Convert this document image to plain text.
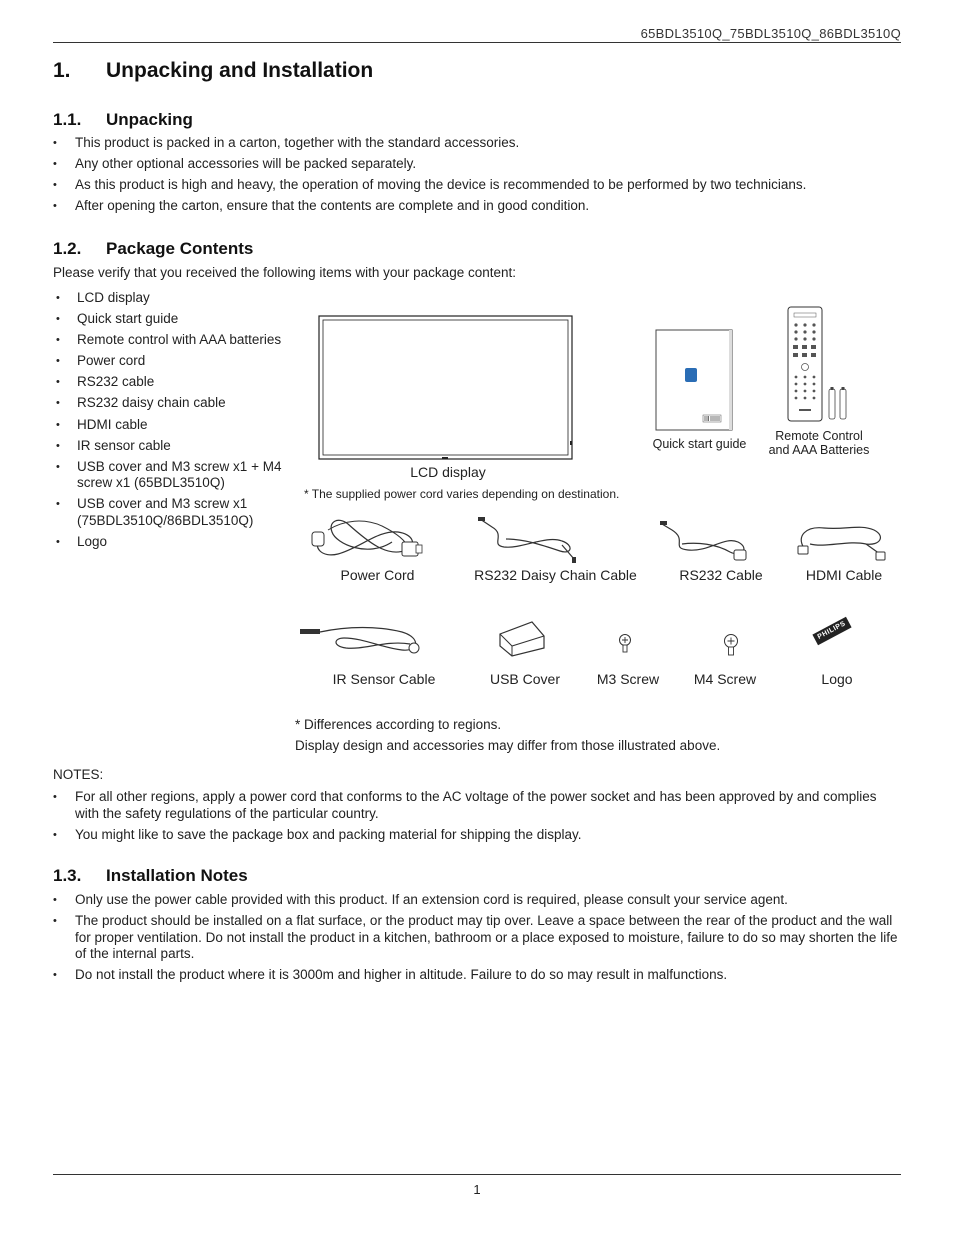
65BDL3510Q_75BDL3510Q_86BDL3510Q
1. Unpacking and Installation
1.1. Unpacking
• This product is packed in a carton, together with the standard accessories.
• Any other optional accessories will be packed separately.
• As this product is high and heavy, the operation of moving the device is recommended to be performed by two technicians.
• After opening the carton, ensure that the contents are complete and in good condition.
1.2. Package Contents
Please verify that you received the following items with your package content:
• LCD display
• Quick start guide
• Remote control with AAA batteries
• Power cord
• RS232 cable
• RS232 daisy chain cable
• HDMI cable
• IR sensor cable
• USB cover and M3 screw x1 + M4 screw x1 (65BDL3510Q)
• USB cover and M3 screw x1 (75BDL3510Q/86BDL3510Q)
• Logo
LCD display
Quick start guide
Remote Control
and AAA Batteries
* The supplied power cord varies depending on destination.
Power Cord	RS232 Daisy Chain Cable	RS232 Cable	HDMI Cable
IR Sensor Cable	USB Cover	M3 Screw	M4 Screw
PHILIPS
Logo
* Differences according to regions.
Display design and accessories may differ from those illustrated above.
NOTES:
• For all other regions, apply a power cord that conforms to the AC voltage of the power socket and has been approved by and complies with the safety regulations of the particular country.
• You might like to save the package box and packing material for shipping the display.
1.3. Installation Notes
• Only use the power cable provided with this product. If an extension cord is required, please consult your service agent.
• The product should be installed on a flat surface, or the product may tip over. Leave a space between the rear of the product and the wall for proper ventilation. Do not install the product in a kitchen, bathroom or a place exposed to moisture, failure to do so may shorten the life of the internal parts.
• Do not install the product where it is 3000m and higher in altitude. Failure to do so may result in malfunctions.
1
